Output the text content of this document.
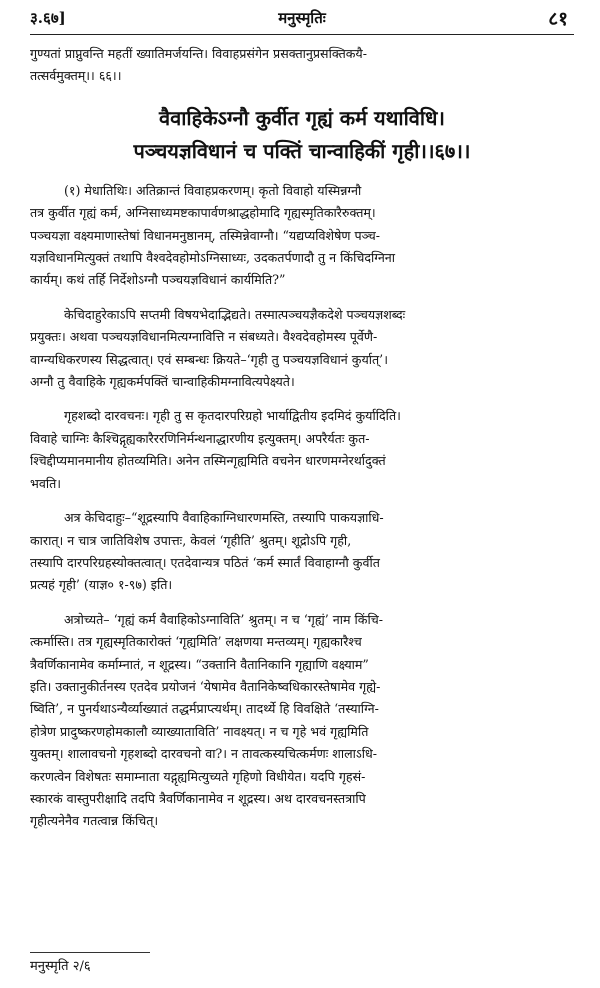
३.६७]	मनुस्मृतिः	८१

गुण्यतां प्राप्नुवन्ति महतीं ख्यातिमर्जयन्ति। विवाहप्रसंगेन प्रसक्तानुप्रसक्तिकयै-
तत्सर्वमुक्तम्।। ६६।।

वैवाहिकेऽग्नौ कुर्वीत गृह्यं कर्म यथाविधि।
पञ्चयज्ञविधानं च पक्तिं चान्वाहिकीं गृही।।६७।।

(१) मेधातिथिः। अतिक्रान्तं विवाहप्रकरणम्। कृतो विवाहो यस्मिन्नग्नौ
तत्र कुर्वीत गृह्यं कर्म, अग्निसाध्यमष्टकापार्वणश्राद्धहोमादि गृह्यस्मृतिकारैरुक्तम्।
पञ्चयज्ञा वक्ष्यमाणास्तेषां विधानमनुष्ठानम्, तस्मिन्नेवाग्नौ। “यद्यप्यविशेषेण पञ्च-
यज्ञविधानमित्युक्तं तथापि वैश्वदेवहोमोऽग्निसाध्यः, उदकतर्पणादौ तु न किंचिदग्निना
कार्यम्। कथं तर्हि निर्देशोऽग्नौ पञ्चयज्ञविधानं कार्यमिति?”

केचिदाहुरेकाऽपि सप्तमी विषयभेदाद्भिद्यते। तस्मात्पञ्चयज्ञैकदेशे पञ्चयज्ञशब्दः
प्रयुक्तः। अथवा पञ्चयज्ञविधानमित्यग्नावित्ति न संबध्यते। वैश्वदेवहोमस्य पूर्वेणै-
वाग्न्यधिकरणस्य सिद्धत्वात्। एवं सम्बन्धः क्रियते–‘गृही तु पञ्चयज्ञविधानं कुर्यात्’।
अग्नौ तु वैवाहिके गृह्यकर्मपक्तिं चान्वाहिकीमग्नावित्यपेक्ष्यते।

गृहशब्दो दारवचनः। गृही तु स कृतदारपरिग्रहो भार्याद्वितीय इदमिदं कुर्यादिति।
विवाहे चाग्निः कैश्चिद्गृह्यकारैररणिनिर्मन्थनाद्धारणीय इत्युक्तम्। अपरैर्यतः कुत-
श्चिद्दीप्यमानमानीय होतव्यमिति। अनेन तस्मिन्गृह्यमिति वचनेन धारणमग्नेरर्थादुक्तं
भवति।

अत्र केचिदाहुः–“शूद्रस्यापि वैवाहिकाग्निधारणमस्ति, तस्यापि पाकयज्ञाधि-
कारात्। न चात्र जातिविशेष उपात्तः, केवलं ‘गृहीति’ श्रुतम्। शूद्रोऽपि गृही,
तस्यापि दारपरिग्रहस्योक्तत्वात्। एतदेवान्यत्र पठितं ‘कर्म स्मार्तं विवाहाग्नौ कुर्वीत
प्रत्यहं गृही’ (याज्ञ० १-९७) इति।

अत्रोच्यते– ‘गृह्यं कर्म वैवाहिकोऽग्नाविति’ श्रुतम्। न च ‘गृह्यं’ नाम किंचि-
त्कर्मास्ति। तत्र गृह्यस्मृतिकारोक्तं ‘गृह्यमिति’ लक्षणया मन्तव्यम्। गृह्यकारैश्च
त्रैवर्णिकानामेव कर्माम्नातं, न शूद्रस्य। “उक्तानि वैतानिकानि गृह्याणि वक्ष्याम”
इति। उक्तानुकीर्तनस्य एतदेव प्रयोजनं ‘येषामेव वैतानिकेष्वधिकारस्तेषामेव गृह्ये-
ष्विति’, न पुनर्यथाऽन्यैर्व्याख्यातं तद्धर्मप्राप्त्यर्थम्। तादर्थ्ये हि विवक्षिते ‘तस्याग्नि-
होत्रेण प्रादुष्करणहोमकालौ व्याख्याताविति’ नावक्ष्यत्। न च गृहे भवं गृह्यमिति
युक्तम्। शालावचनो गृहशब्दो दारवचनो वा?। न तावत्कस्यचित्कर्मणः शालाऽधि-
करणत्वेन विशेषतः समाम्नाता यद्गृह्यमित्युच्यते गृहिणो विधीयेत। यदपि गृहसं-
स्कारकं वास्तुपरीक्षादि तदपि त्रैवर्णिकानामेव न शूद्रस्य। अथ दारवचनस्तत्रापि
गृहीत्यनेनैव गतत्वान्न किंचित्।

मनुस्मृति २/६
